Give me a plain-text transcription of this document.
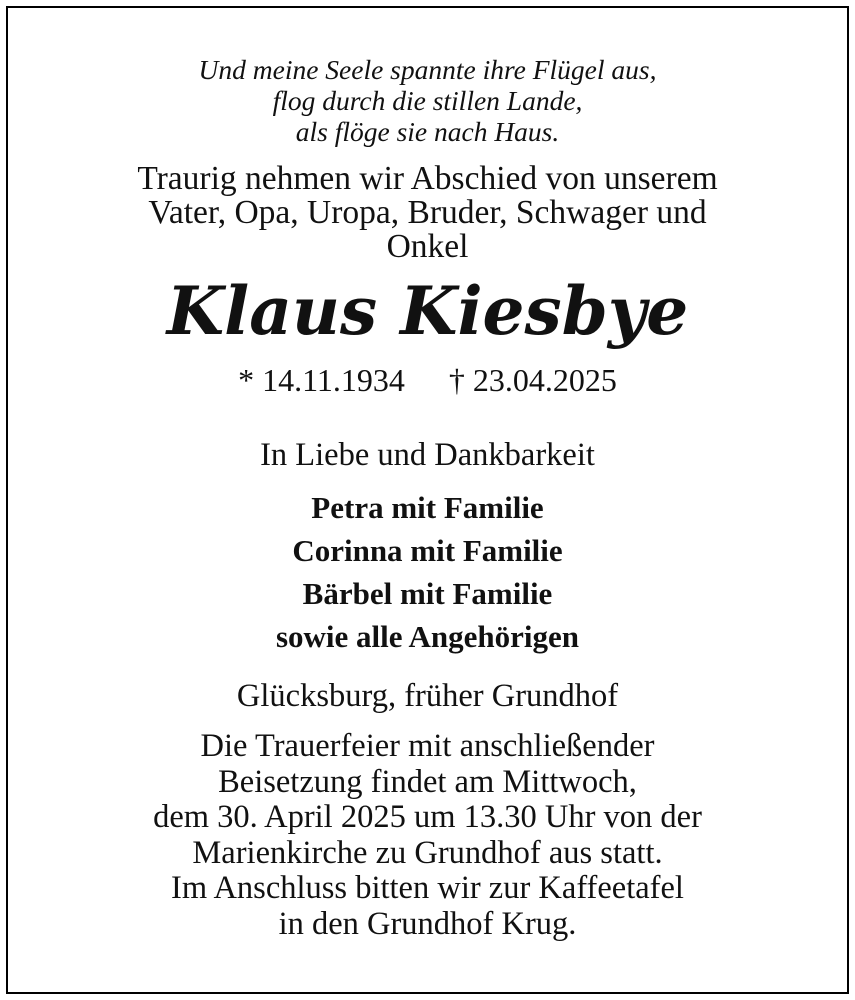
Und meine Seele spannte ihre Flügel aus,
flog durch die stillen Lande,
als flöge sie nach Haus.
Traurig nehmen wir Abschied von unserem
Vater, Opa, Uropa, Bruder, Schwager und
Onkel
Klaus Kiesbye
* 14.11.1934 † 23.04.2025
In Liebe und Dankbarkeit
Petra mit Familie
Corinna mit Familie
Bärbel mit Familie
sowie alle Angehörigen
Glücksburg, früher Grundhof
Die Trauerfeier mit anschließender
Beisetzung findet am Mittwoch,
dem 30. April 2025 um 13.30 Uhr von der
Marienkirche zu Grundhof aus statt.
Im Anschluss bitten wir zur Kaffeetafel
in den Grundhof Krug.
